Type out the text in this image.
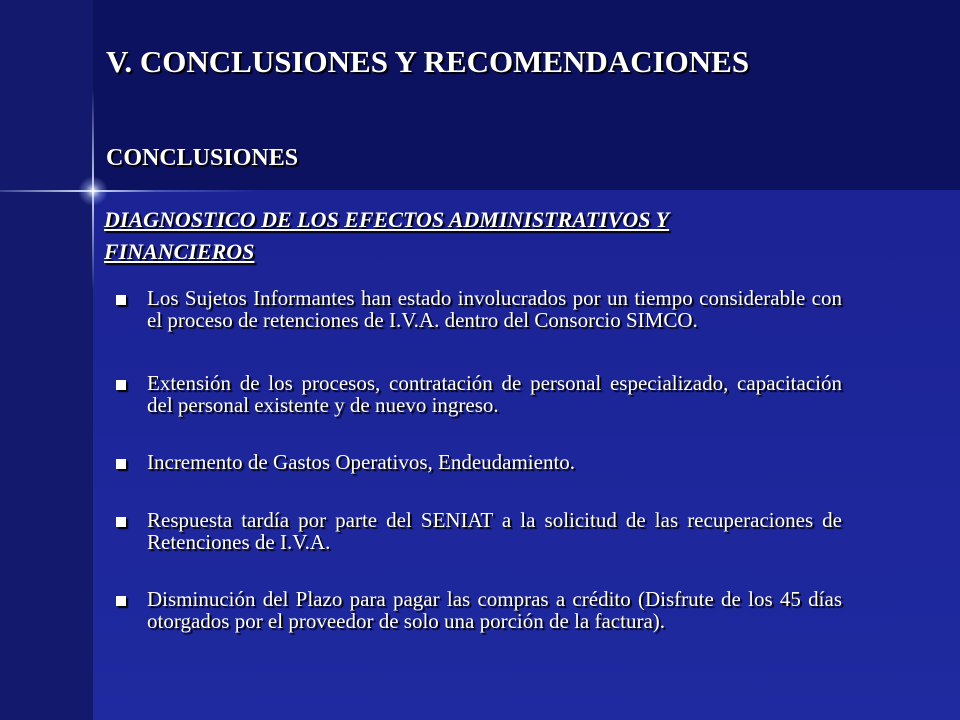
V. CONCLUSIONES Y RECOMENDACIONES
CONCLUSIONES
DIAGNOSTICO DE LOS EFECTOS ADMINISTRATIVOS Y FINANCIEROS
Los Sujetos Informantes han estado involucrados por un tiempo considerable con el proceso de retenciones de I.V.A. dentro del Consorcio SIMCO.
Extensión de los procesos, contratación de personal especializado, capacitación del personal existente y de nuevo ingreso.
Incremento de Gastos Operativos, Endeudamiento.
Respuesta tardía por parte del SENIAT a la solicitud de las recuperaciones de Retenciones de I.V.A.
Disminución del Plazo para pagar las compras a crédito (Disfrute de los 45 días otorgados por el proveedor de solo una porción de la factura).
